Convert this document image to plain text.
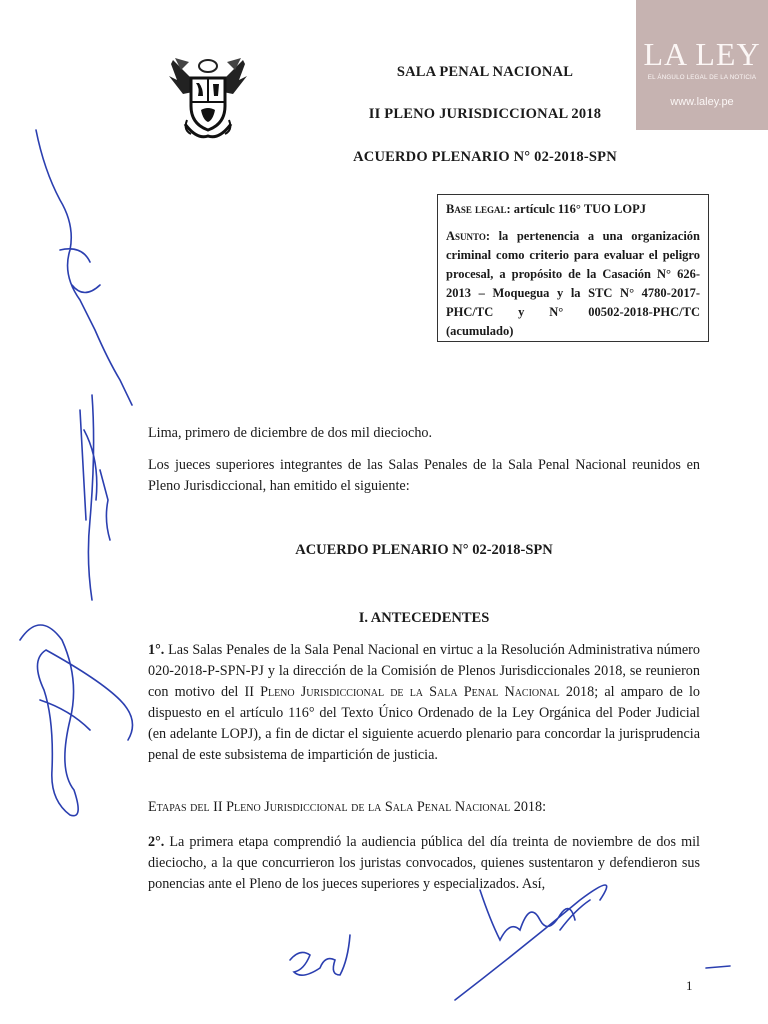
LA LEY
EL ÁNGULO LEGAL DE LA NOTICIA
www.laley.pe
SALA PENAL NACIONAL
II PLENO JURISDICCIONAL 2018
ACUERDO PLENARIO N° 02-2018-SPN

Base legal: artículc 116° TUO LOPJ

Asunto: la pertenencia a una organización criminal como criterio para evaluar el peligro procesal, a propósito de la Casación N° 626-2013 – Moquegua y la STC N° 4780-2017-PHC/TC y N° 00502-2018-PHC/TC (acumulado)

Lima, primero de diciembre de dos mil dieciocho.
Los jueces superiores integrantes de las Salas Penales de la Sala Penal Nacional reunidos en Pleno Jurisdiccional, han emitido el siguiente:
ACUERDO PLENARIO N° 02-2018-SPN
I. ANTECEDENTES

1°. Las Salas Penales de la Sala Penal Nacional en virtuc a la Resolución Administrativa número 020-2018-P-SPN-PJ y la dirección de la Comisión de Plenos Jurisdiccionales 2018, se reunieron con motivo del II Pleno Jurisdiccional de la Sala Penal Nacional 2018; al amparo de lo dispuesto en el artículo 116° del Texto Único Ordenado de la Ley Orgánica del Poder Judicial (en adelante LOPJ), a fin de dictar el siguiente acuerdo plenario para concordar la jurisprudencia penal de este subsistema de impartición de justicia.

Etapas del II Pleno Jurisdiccional de la Sala Penal Nacional 2018:

2°. La primera etapa comprendió la audiencia pública del día treinta de noviembre de dos mil dieciocho, a la que concurrieron los juristas convocados, quienes sustentaron y defendieron sus ponencias ante el Pleno de los jueces superiores y especializados. Así,

1
